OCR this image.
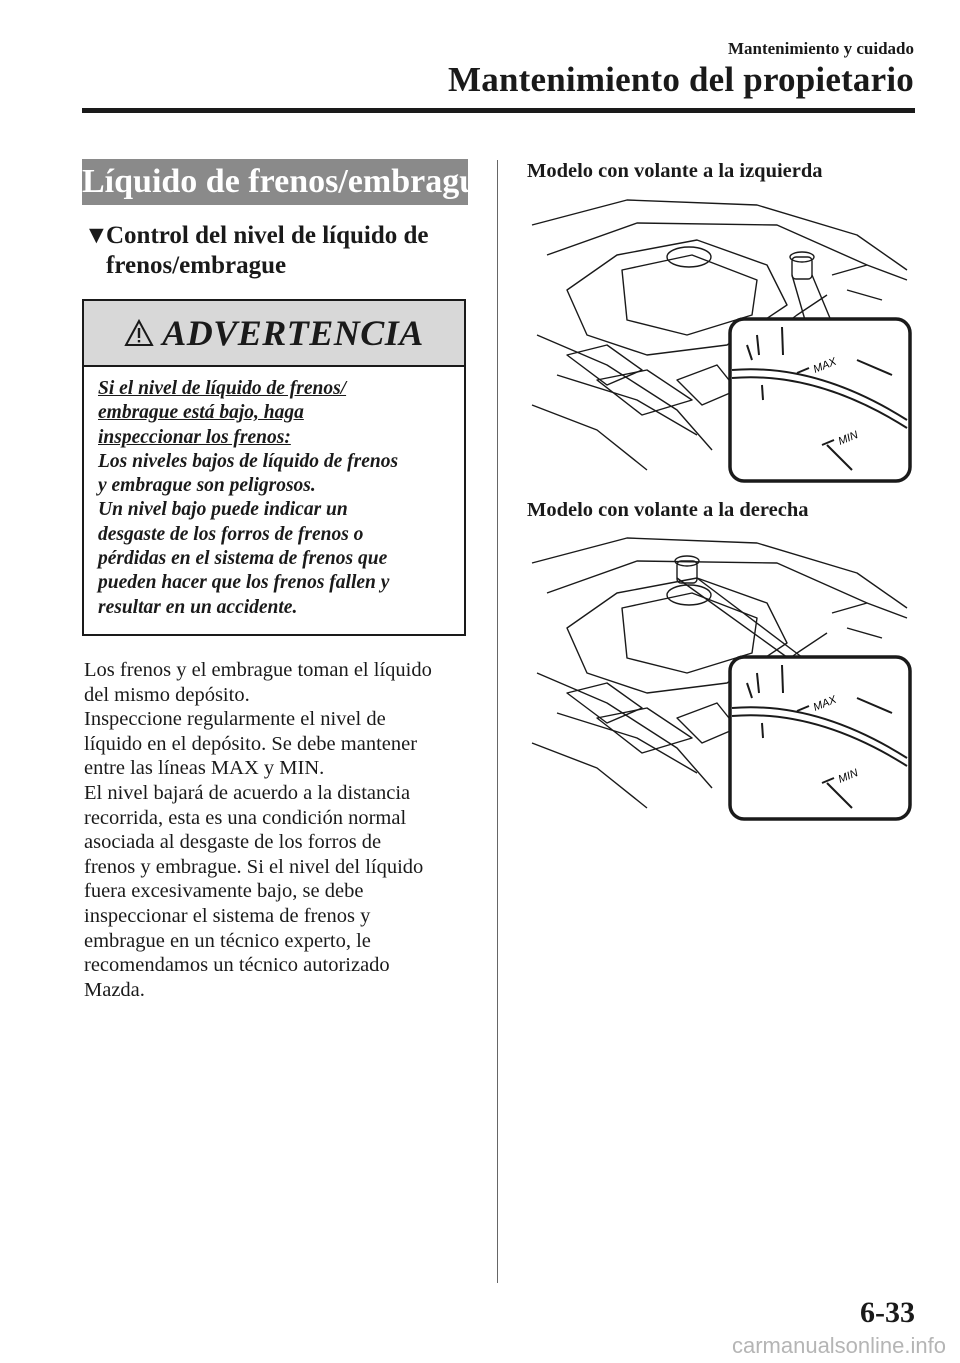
Mantenimiento y cuidado
Mantenimiento del propietario
Líquido de frenos/embrague
▼Control del nivel de líquido de
frenos/embrague
ADVERTENCIA
Si el nivel de líquido de frenos/
embrague está bajo, haga
inspeccionar los frenos:
Los niveles bajos de líquido de frenos
y embrague son peligrosos.
Un nivel bajo puede indicar un
desgaste de los forros de frenos o
pérdidas en el sistema de frenos que
pueden hacer que los frenos fallen y
resultar en un accidente.
Los frenos y el embrague toman el líquido
del mismo depósito.
Inspeccione regularmente el nivel de
líquido en el depósito. Se debe mantener
entre las líneas MAX y MIN.
El nivel bajará de acuerdo a la distancia
recorrida, esta es una condición normal
asociada al desgaste de los forros de
frenos y embrague. Si el nivel del líquido
fuera excesivamente bajo, se debe
inspeccionar el sistema de frenos y
embrague en un técnico experto, le
recomendamos un técnico autorizado
Mazda.
Modelo con volante a la izquierda
MAX
MIN
Modelo con volante a la derecha
MAX
MIN
6-33
carmanualsonline.info
